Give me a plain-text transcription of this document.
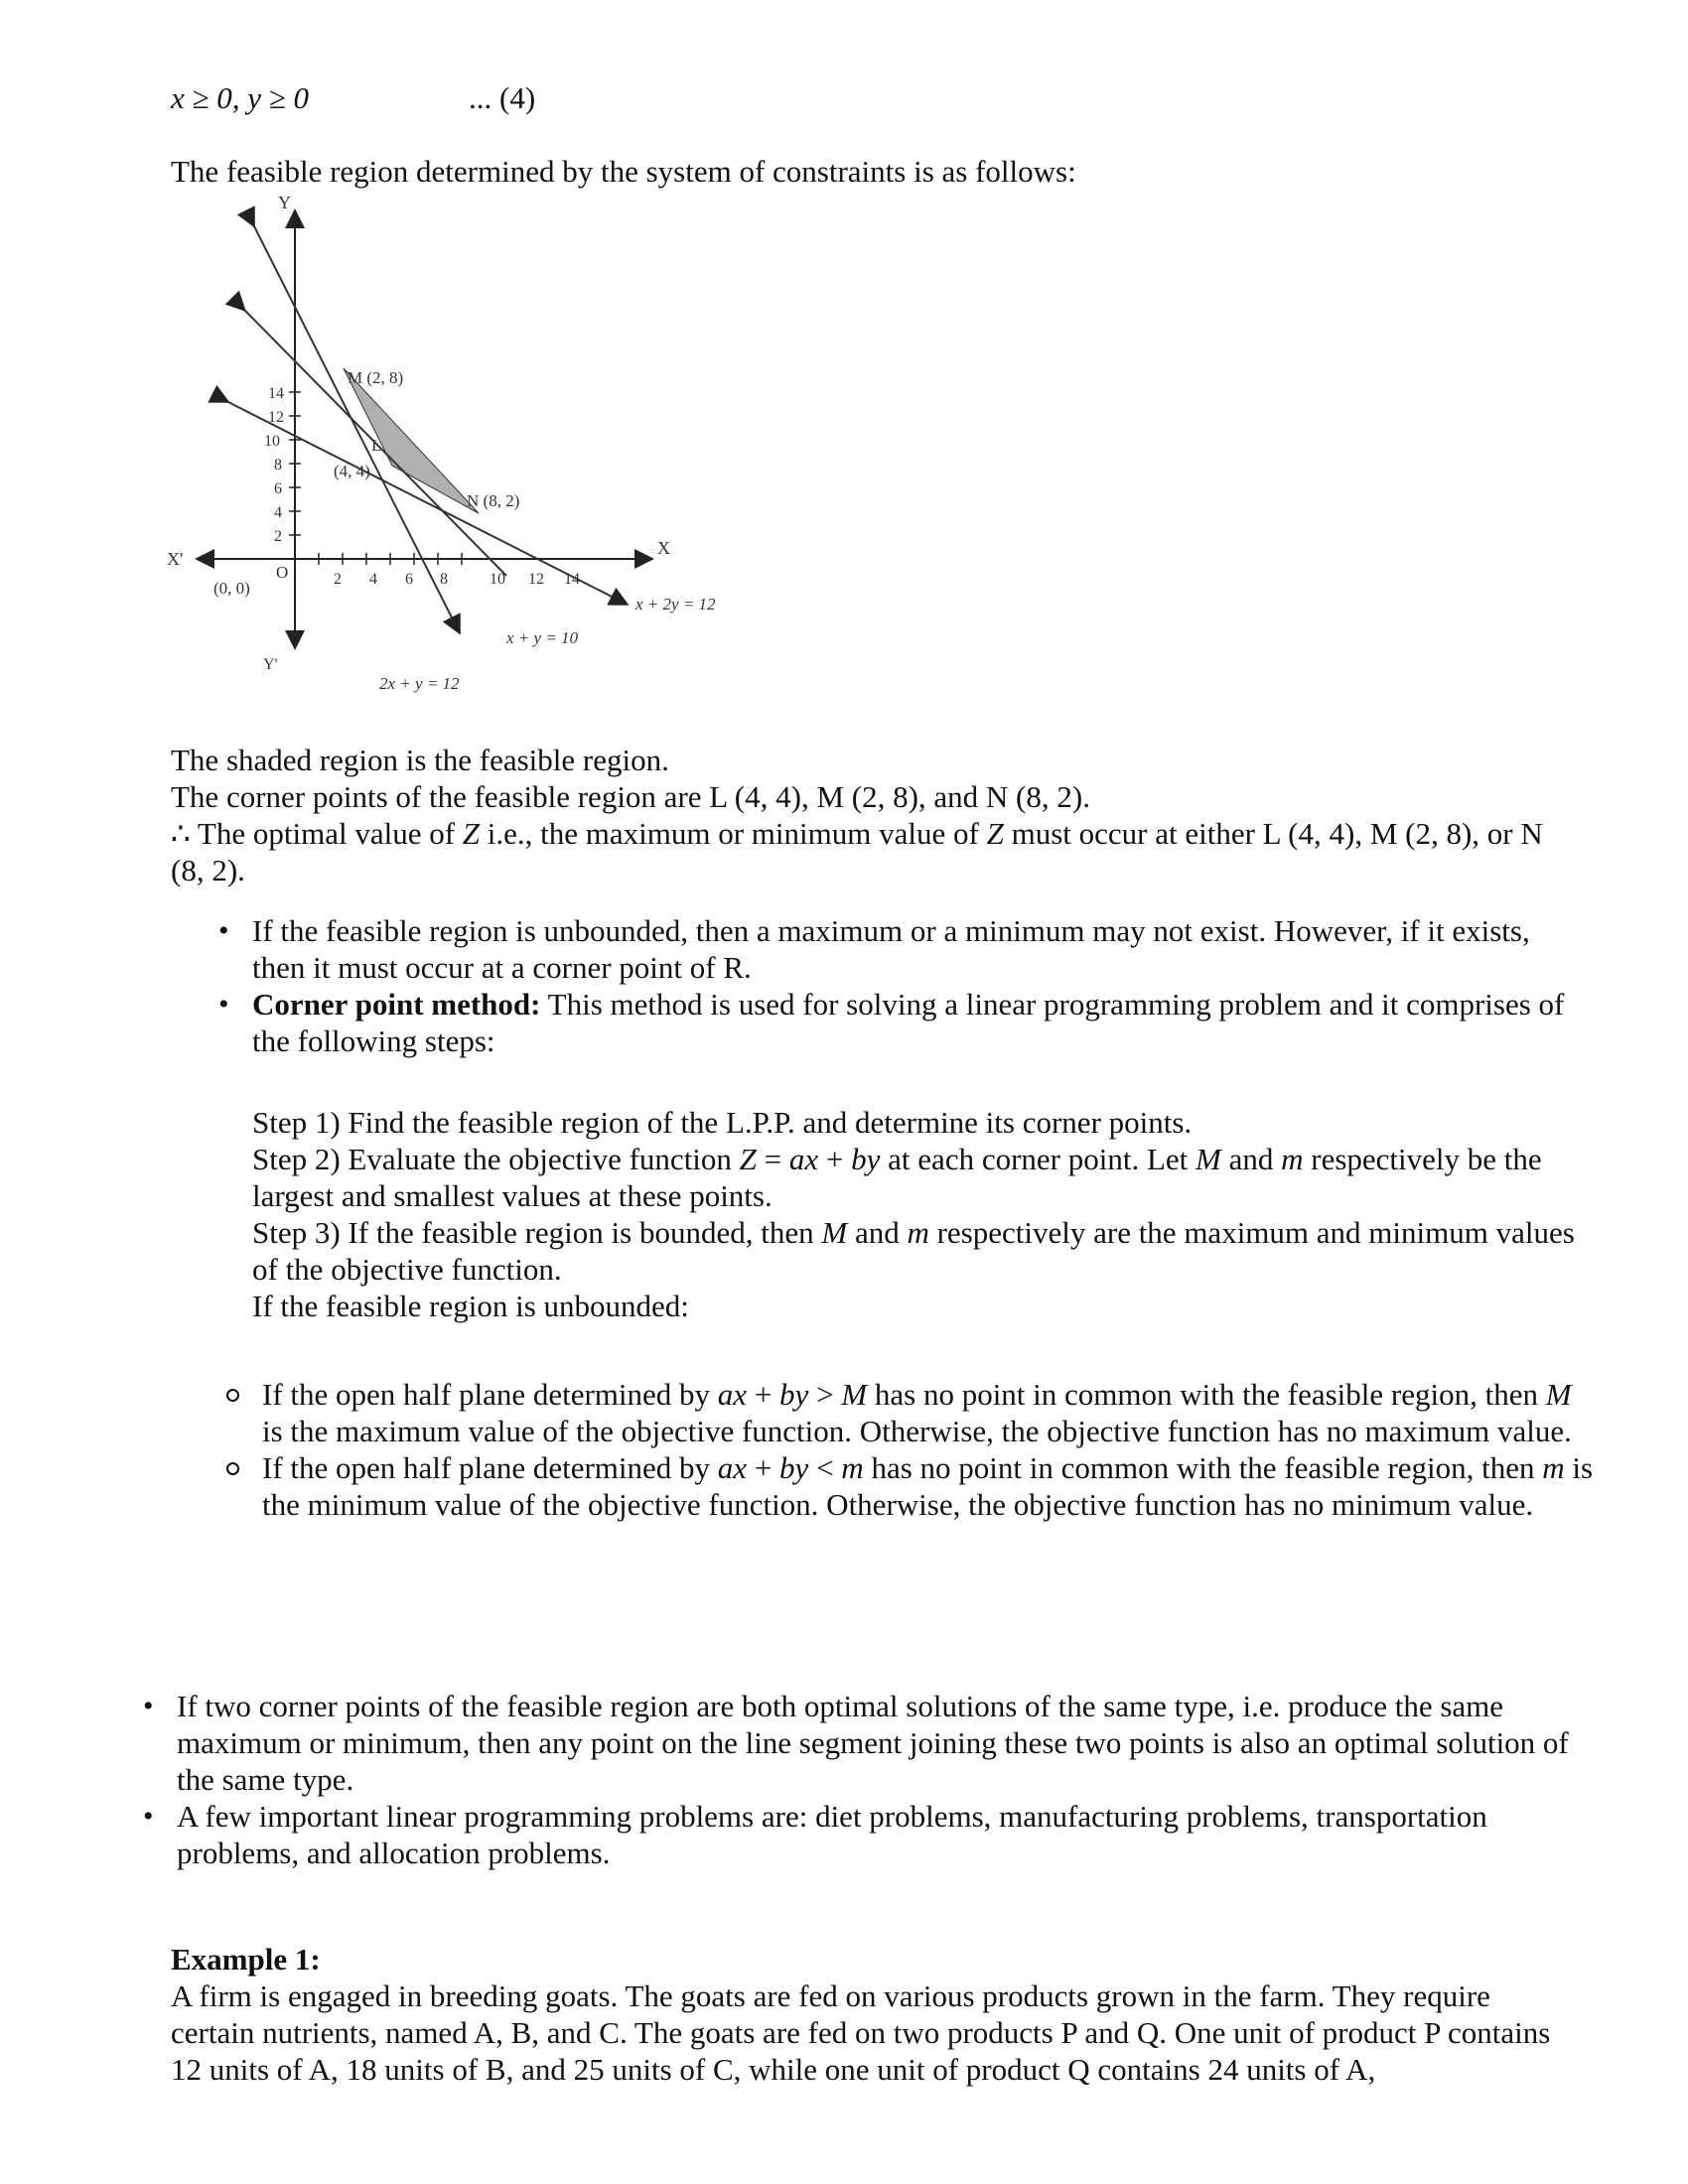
x ≥ 0, y ≥ 0	... (4)
The feasible region determined by the system of constraints is as follows:
Y
X
X'
Y'
O
(0, 0)
2
4
6
8
10
12
14
2 4 6 8	10 12 14
M (2, 8)
L
(4, 4)
N (8, 2)
x + 2y = 12
x + y = 10
2x + y = 12

The shaded region is the feasible region.

The corner points of the feasible region are L (4, 4), M (2, 8), and N (8, 2).

∴ The optimal value of Z i.e., the maximum or minimum value of Z must occur at either L (4, 4), M (2, 8), or N (8, 2).

• If the feasible region is unbounded, then a maximum or a minimum may not exist. However, if it exists, then it must occur at a corner point of R.
• Corner point method: This method is used for solving a linear programming problem and it comprises of the following steps:

Step 1) Find the feasible region of the L.P.P. and determine its corner points.

Step 2) Evaluate the objective function Z = ax + by at each corner point. Let M and m respectively be the largest and smallest values at these points.

Step 3) If the feasible region is bounded, then M and m respectively are the maximum and minimum values of the objective function.

If the feasible region is unbounded:

If the open half plane determined by ax + by > M has no point in common with the feasible region, then M is the maximum value of the objective function. Otherwise, the objective function has no maximum value.
If the open half plane determined by ax + by < m has no point in common with the feasible region, then m is the minimum value of the objective function. Otherwise, the objective function has no minimum value.
• If two corner points of the feasible region are both optimal solutions of the same type, i.e. produce the same maximum or minimum, then any point on the line segment joining these two points is also an optimal solution of the same type.
• A few important linear programming problems are: diet problems, manufacturing problems, transportation problems, and allocation problems.
Example 1:

A firm is engaged in breeding goats. The goats are fed on various products grown in the farm. They require certain nutrients, named A, B, and C. The goats are fed on two products P and Q. One unit of product P contains 12 units of A, 18 units of B, and 25 units of C, while one unit of product Q contains 24 units of A,
